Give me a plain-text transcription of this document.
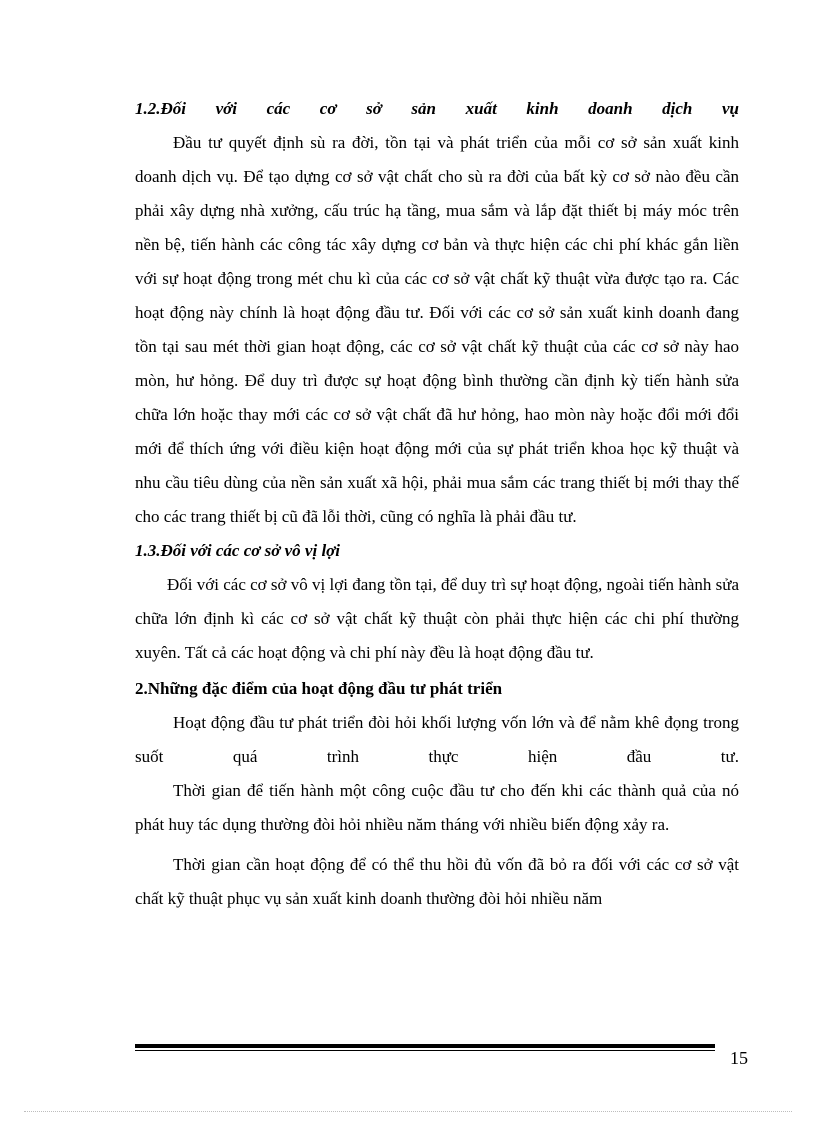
1.2.Đối với các cơ sở sản xuất kinh doanh dịch vụ

Đầu tư quyết định sù ra đời, tồn tại và phát triển của mỗi cơ sở sản xuất kinh doanh dịch vụ. Để tạo dựng cơ sở vật chất cho sù ra đời của bất kỳ cơ sở nào đều cần phải xây dựng nhà xưởng, cấu trúc hạ tầng, mua sắm và lắp đặt thiết bị máy móc trên nền bệ, tiến hành các công tác xây dựng cơ bản và thực hiện các chi phí khác gắn liền với sự hoạt động trong mét chu kì của các cơ sở vật chất kỹ thuật vừa được tạo ra. Các hoạt động này chính là hoạt động đầu tư. Đối với các cơ sở sản xuất kinh doanh đang tồn tại sau mét thời gian hoạt động, các cơ sở vật chất kỹ thuật của các cơ sở này hao mòn, hư hỏng. Để duy trì được sự hoạt động bình thường cần định kỳ tiến hành sửa chữa lớn hoặc thay mới các cơ sở vật chất đã hư hỏng, hao mòn này hoặc đổi mới đổi mới để thích ứng với điều kiện hoạt động mới của sự phát triển khoa học kỹ thuật và nhu cầu tiêu dùng của nền sản xuất xã hội, phải mua sắm các trang thiết bị mới thay thế cho các trang thiết bị cũ đã lỗi thời, cũng có nghĩa là phải đầu tư.

1.3.Đối với các cơ sở vô vị lợi

Đối với các cơ sở vô vị lợi đang tồn tại, để duy trì sự hoạt động, ngoài tiến hành sửa chữa lớn định kì các cơ sở vật chất kỹ thuật còn phải thực hiện các chi phí thường xuyên. Tất cả các hoạt động và chi phí này đều là hoạt động đầu tư.

2.Những đặc điểm của hoạt động đầu tư phát triển

Hoạt động đầu tư phát triển đòi hỏi khối lượng vốn lớn và để nằm khê đọng trong suốt quá trình thực hiện đầu tư.

Thời gian để tiến hành một công cuộc đầu tư cho đến khi các thành quả của nó phát huy tác dụng thường đòi hỏi nhiều năm tháng với nhiều biến động xảy ra.

Thời gian cần hoạt động để có thể thu hồi đủ vốn đã bỏ ra đối với các cơ sở vật chất kỹ thuật phục vụ sản xuất kinh doanh thường đòi hỏi nhiều năm

15
